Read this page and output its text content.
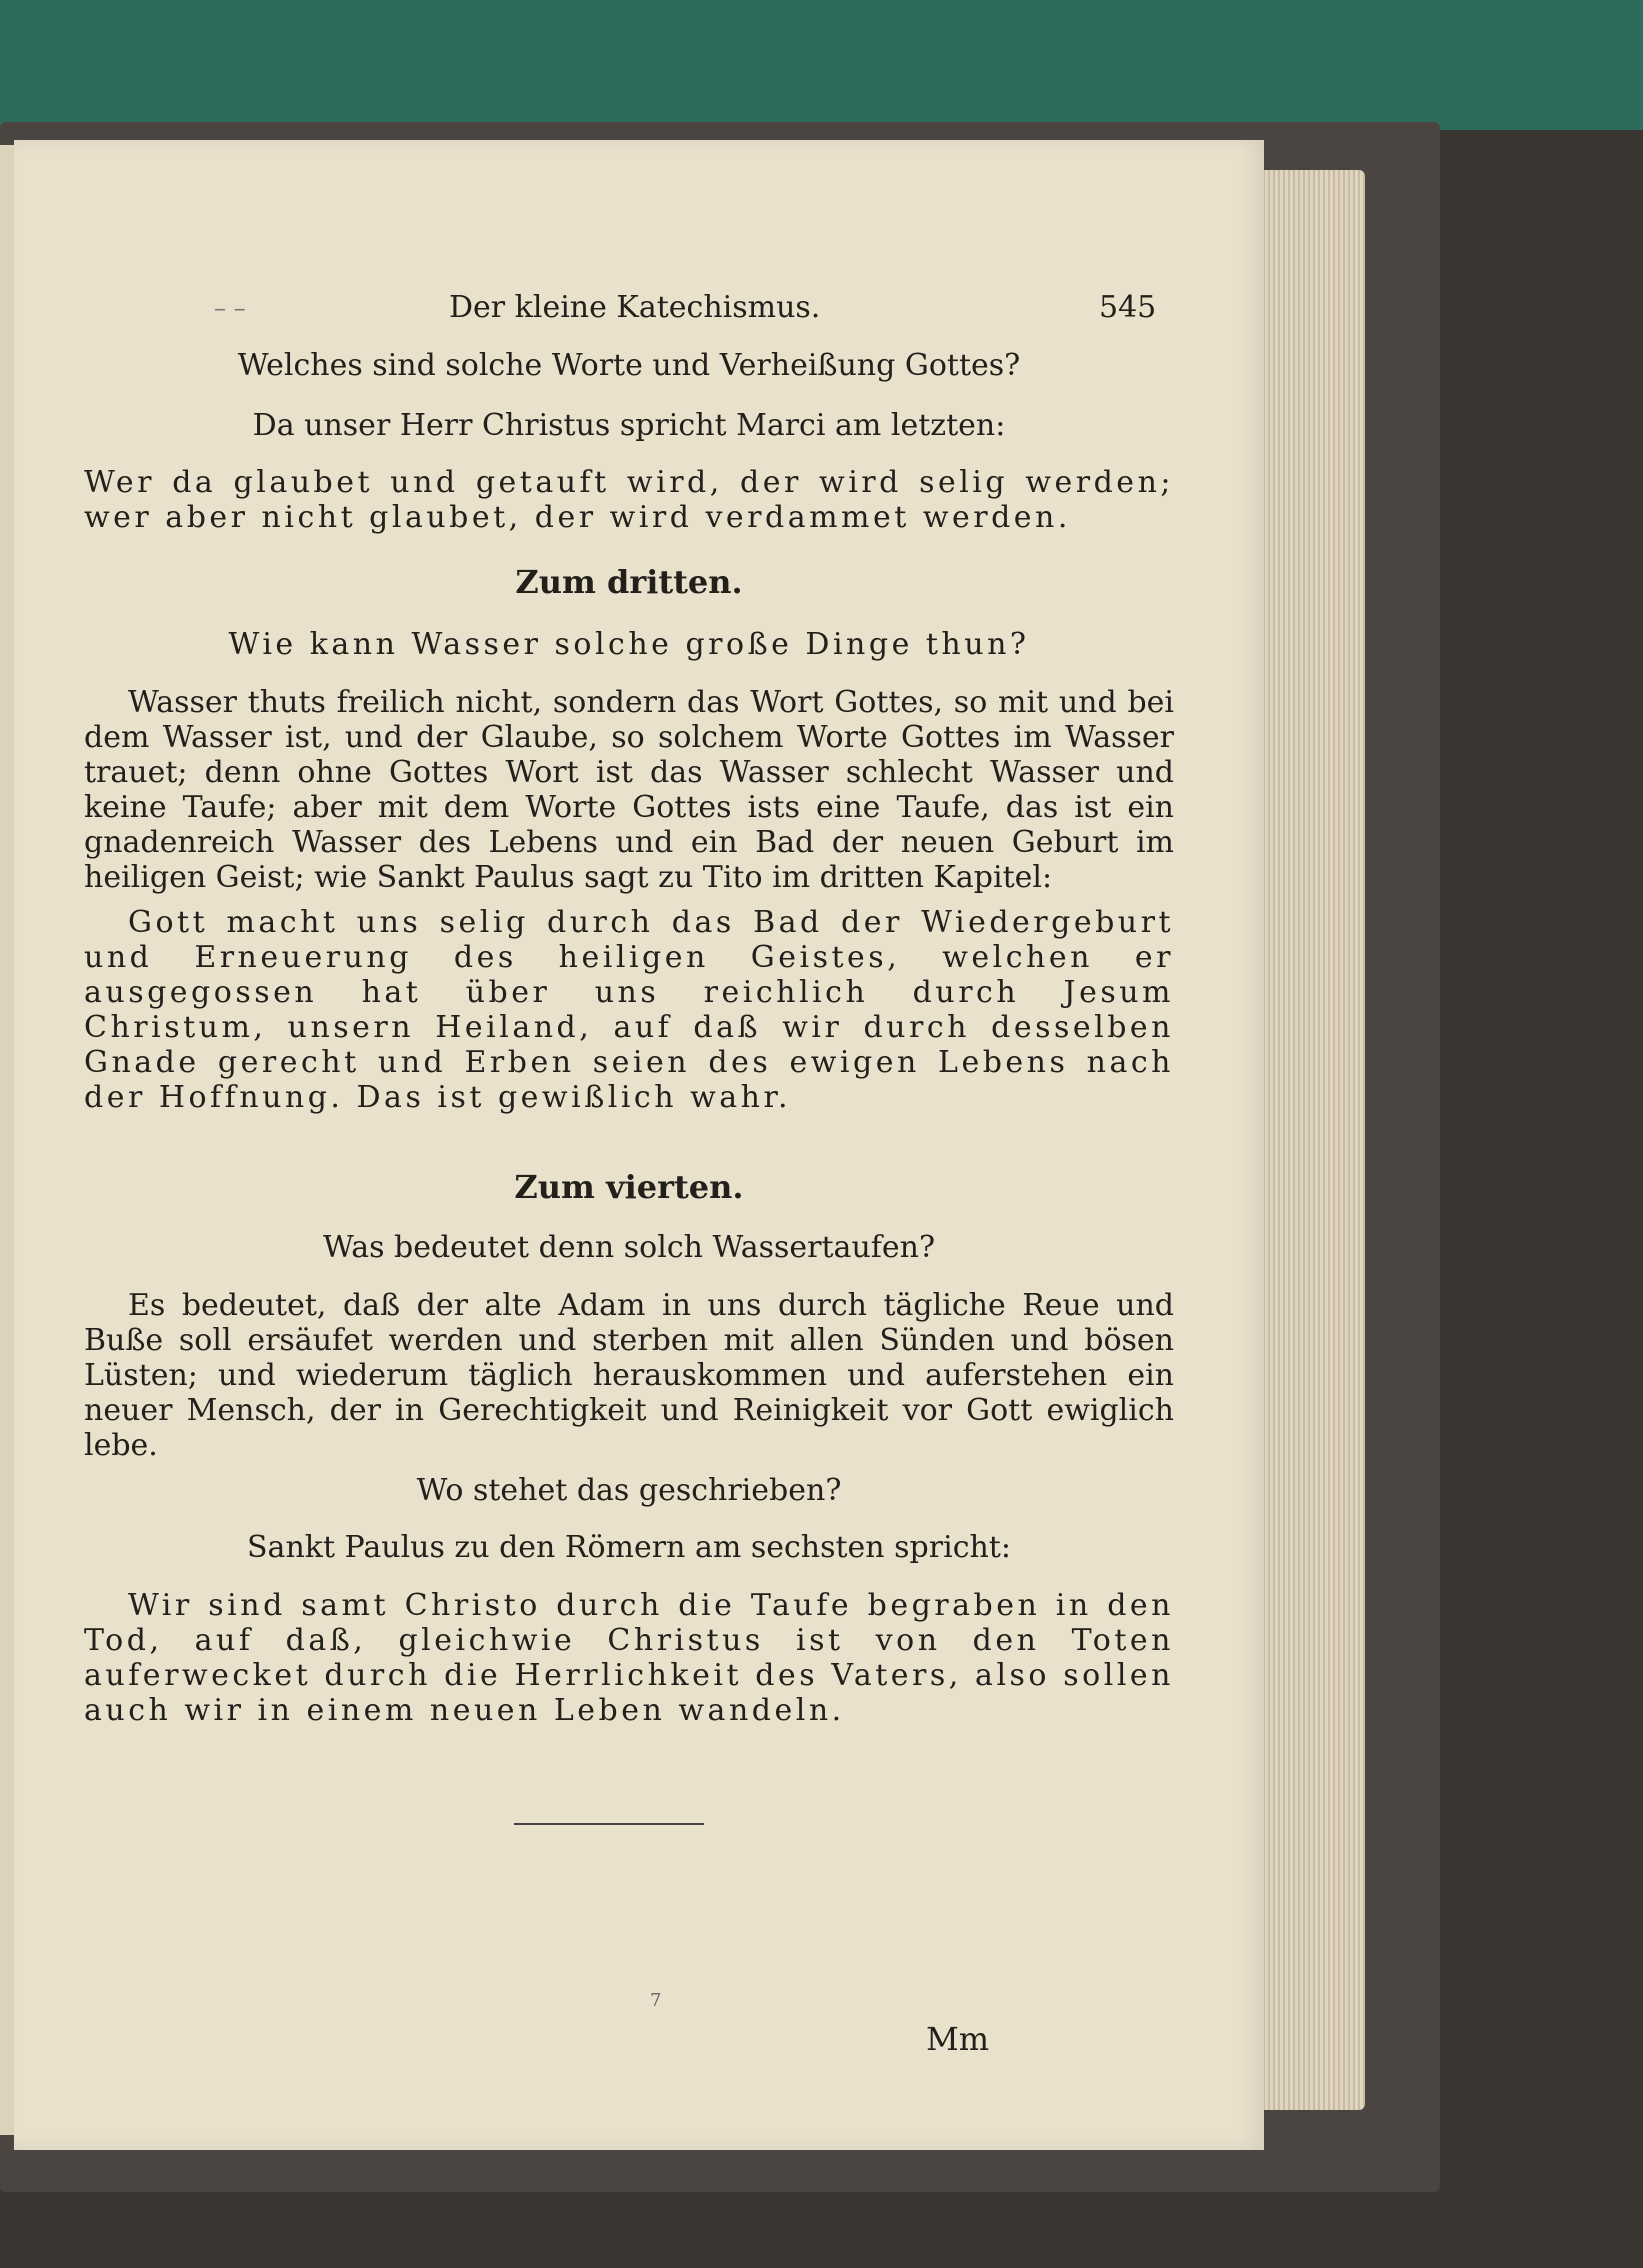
– –	Der kleine Katechismus.	545
Welches sind solche Worte und Verheißung Gottes?
Da unser Herr Christus spricht Marci am letzten:
Wer da glaubet und getauft wird, der wird selig werden; wer aber nicht glaubet, der wird verdammet werden.
Zum dritten.
Wie kann Wasser solche große Dinge thun?
Wasser thuts freilich nicht, sondern das Wort Gottes, so mit und bei dem Wasser ist, und der Glaube, so solchem Worte Gottes im Wasser trauet; denn ohne Gottes Wort ist das Wasser schlecht Wasser und keine Taufe; aber mit dem Worte Gottes ists eine Taufe, das ist ein gnadenreich Wasser des Lebens und ein Bad der neuen Geburt im heiligen Geist; wie Sankt Paulus sagt zu Tito im dritten Kapitel:
Gott macht uns selig durch das Bad der Wiedergeburt und Erneuerung des heiligen Geistes, welchen er ausgegossen hat über uns reichlich durch Jesum Christum, unsern Heiland, auf daß wir durch desselben Gnade gerecht und Erben seien des ewigen Lebens nach der Hoffnung. Das ist gewißlich wahr.
Zum vierten.
Was bedeutet denn solch Wassertaufen?
Es bedeutet, daß der alte Adam in uns durch tägliche Reue und Buße soll ersäufet werden und sterben mit allen Sünden und bösen Lüsten; und wiederum täglich herauskommen und auferstehen ein neuer Mensch, der in Gerechtigkeit und Reinigkeit vor Gott ewiglich lebe.
Wo stehet das geschrieben?
Sankt Paulus zu den Römern am sechsten spricht:
Wir sind samt Christo durch die Taufe begraben in den Tod, auf daß, gleichwie Christus ist von den Toten auferwecket durch die Herrlichkeit des Vaters, also sollen auch wir in einem neuen Leben wandeln.
7
Mm
